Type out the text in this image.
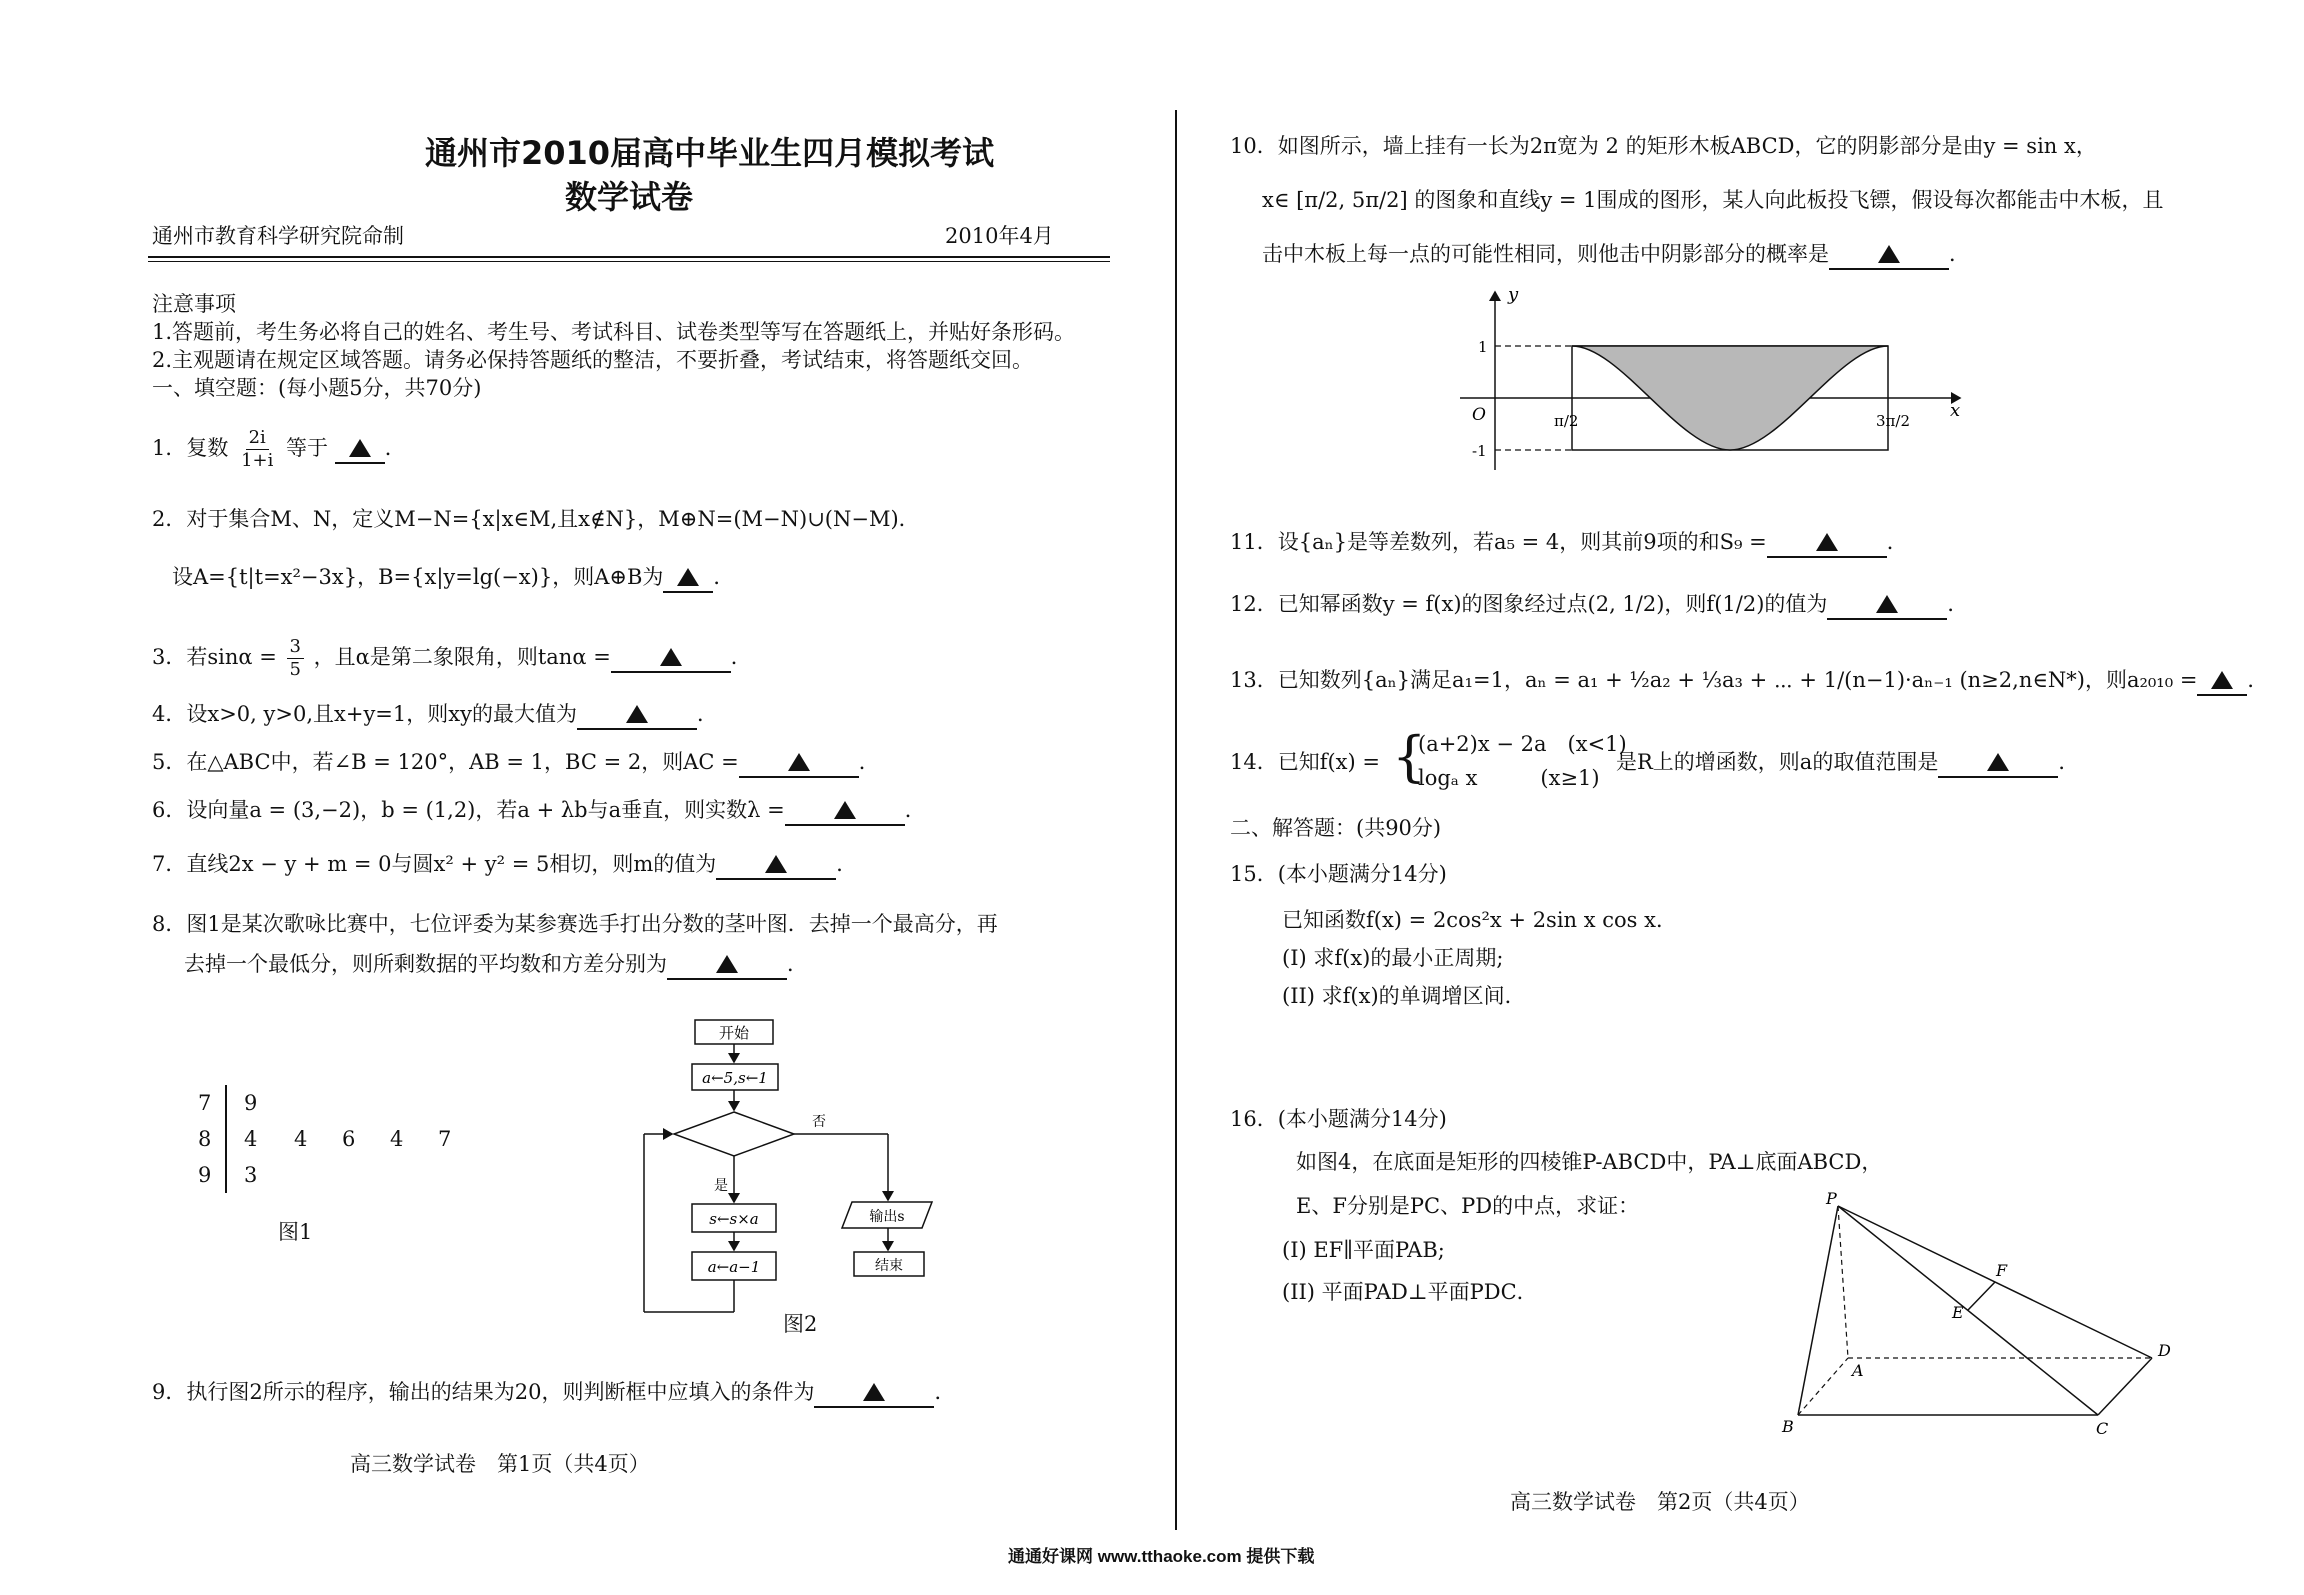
通州市2010届高中毕业生四月模拟考试
数学试卷
通州市教育科学研究院命制	2010年4月
注意事项
1.答题前，考生务必将自己的姓名、考生号、考试科目、试卷类型等写在答题纸上，并贴好条形码。
2.主观题请在规定区域答题。请务必保持答题纸的整洁，不要折叠，考试结束，将答题纸交回。
一、填空题：(每小题5分，共70分)
1．复数 $\frac{2i}{1+i}$ 等于	．
2．对于集合M、N，定义M−N={x|x∈M,且x∉N}，M⊕N=(M−N)∪(N−M)．
设A={t|t=x²−3x}，B={x|y=lg(−x)}，则A⊕B为 ．
3．若$\sin\alpha = \frac{3}{5}$ ，且α是第二象限角，则tanα =	．
4．设x>0, y>0,且x+y=1，则xy的最大值为	．
5．在△ABC中，若∠B = 120°，AB = 1，BC = 2，则AC =	．
6．设向量a = (3,−2)，b = (1,2)，若a + λb与a垂直，则实数λ =	．
7．直线2x − y + m = 0与圆x² + y² = 5相切，则m的值为	．
8．图1是某次歌咏比赛中，七位评委为某参赛选手打出分数的茎叶图．去掉一个最高分，再
去掉一个最低分，则所剩数据的平均数和方差分别为	．
7 9
8 4 4 6 4 7
9 3
图1
开始
a←5,s←1
否
是
s←s×a
a←a−1
输出s
结束
图2
9．执行图2所示的程序，输出的结果为20，则判断框中应填入的条件为	．
高三数学试卷　第1页（共4页）
10．如图所示，墙上挂有一长为2π宽为 2 的矩形木板ABCD，它的阴影部分是由y = sin x，
x∈ [π/2, 5π/2] 的图象和直线y = 1围成的图形，某人向此板投飞镖，假设每次都能击中木板，且
击中木板上每一点的可能性相同，则他击中阴影部分的概率是	．
y
x
O
1
-1
π/2	3π/2
11．设{aₙ}是等差数列，若a₅ = 4，则其前9项的和S₉ =	．
12．已知幂函数y = f(x)的图象经过点(2, 1/2)，则f(1/2)的值为	．
13．已知数列{aₙ}满足a₁=1，aₙ = a₁ + ½a₂ + ⅓a₃ + ⋯ + 1/(n−1)·aₙ₋₁ (n≥2,n∈N*)，则a₂₀₁₀ = ．
14．已知f(x) = {
(a+2)x − 2a　(x<1)
logₐ x　　　(x≥1)
是R上的增函数，则a的取值范围是	．
二、解答题：(共90分)
15．(本小题满分14分)
已知函数f(x) = 2cos²x + 2sin x cos x．
(I) 求f(x)的最小正周期;
(II) 求f(x)的单调增区间．
16．(本小题满分14分)
如图4，在底面是矩形的四棱锥P-ABCD中，PA⊥底面ABCD，
E、F分别是PC、PD的中点，求证：
(I) EF∥平面PAB;
(II) 平面PAD⊥平面PDC．
P
A
B	C
D
E
F
高三数学试卷　第2页（共4页）
通通好课网 www.tthaoke.com 提供下载
